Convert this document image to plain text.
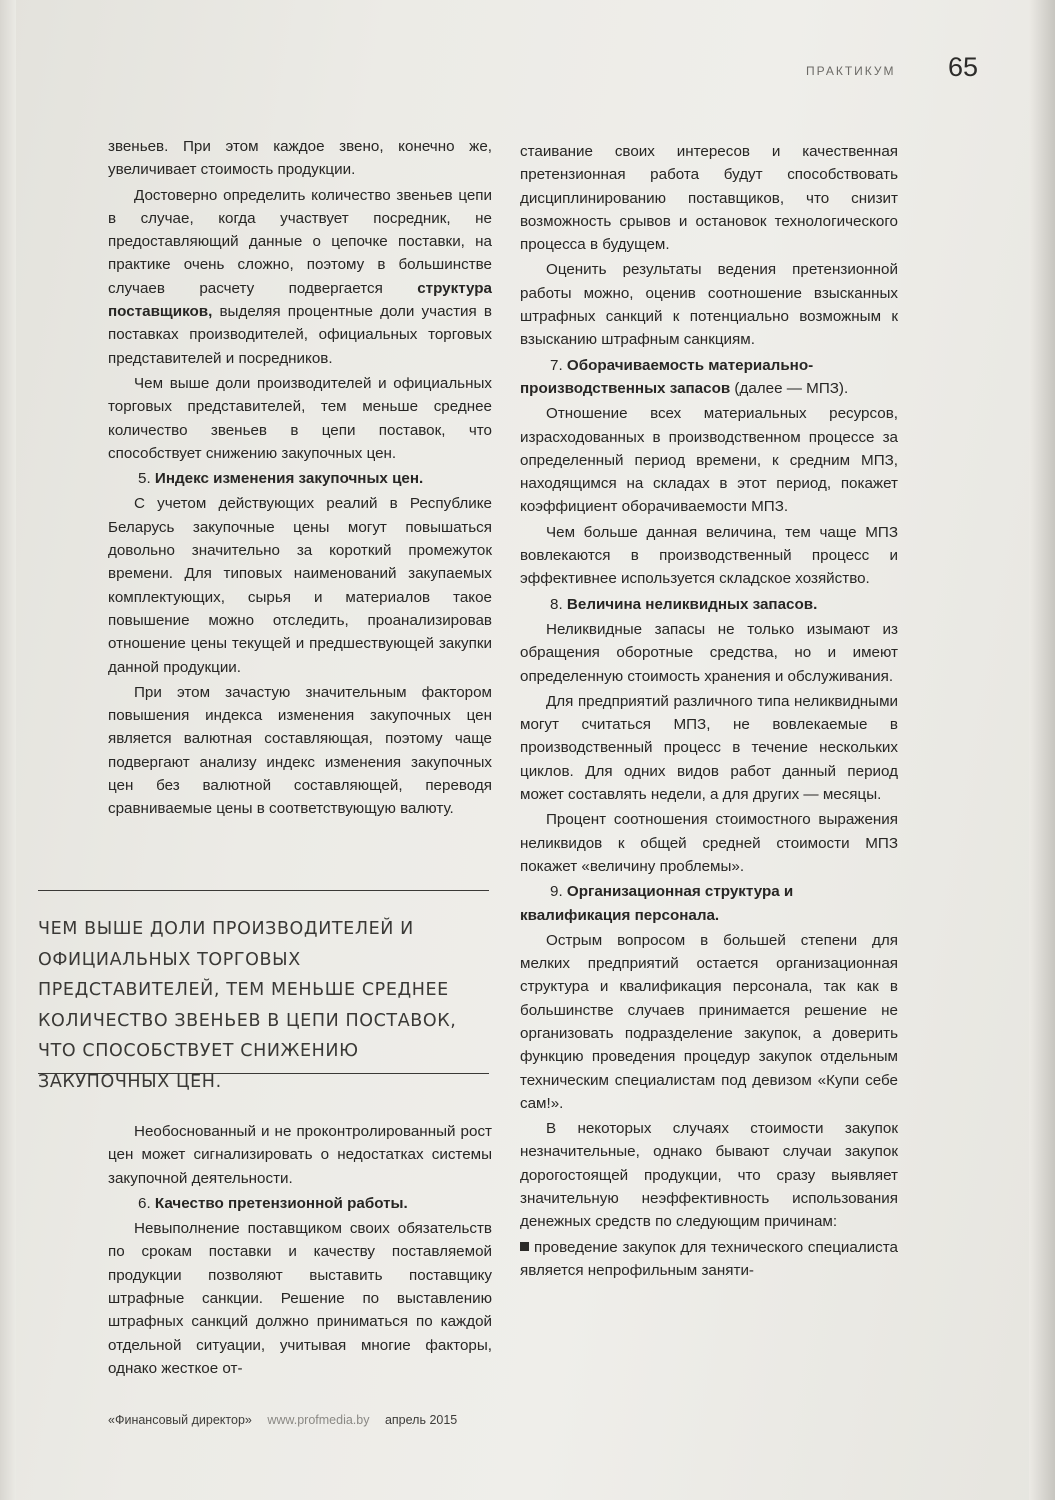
ПРАКТИКУМ 65

звеньев. При этом каждое звено, конечно же, увеличивает стоимость продукции.

Достоверно определить количество звеньев цепи в случае, когда участвует посредник, не предоставляющий данные о цепочке поставки, на практике очень сложно, поэтому в большинстве случаев расчету подвергается структура поставщиков, выделяя процентные доли участия в поставках производителей, официальных торговых представителей и посредников.

Чем выше доли производителей и официальных торговых представителей, тем меньше среднее количество звеньев в цепи поставок, что способствует снижению закупочных цен.

5. Индекс изменения закупочных цен.

С учетом действующих реалий в Республике Беларусь закупочные цены могут повышаться довольно значительно за короткий промежуток времени. Для типовых наименований закупаемых комплектующих, сырья и материалов такое повышение можно отследить, проанализировав отношение цены текущей и предшествующей закупки данной продукции.

При этом зачастую значительным фактором повышения индекса изменения закупочных цен является валютная составляющая, поэтому чаще подвергают анализу индекс изменения закупочных цен без валютной составляющей, переводя сравниваемые цены в соответствующую валюту.

ЧЕМ ВЫШЕ ДОЛИ ПРОИЗВОДИТЕЛЕЙ И ОФИЦИАЛЬНЫХ ТОРГОВЫХ ПРЕДСТАВИТЕЛЕЙ, ТЕМ МЕНЬШЕ СРЕДНЕЕ КОЛИЧЕСТВО ЗВЕНЬЕВ В ЦЕПИ ПОСТАВОК, ЧТО СПОСОБСТВУЕТ СНИЖЕНИЮ ЗАКУПОЧНЫХ ЦЕН.

Необоснованный и не проконтролированный рост цен может сигнализировать о недостатках системы закупочной деятельности.

6. Качество претензионной работы.

Невыполнение поставщиком своих обязательств по срокам поставки и качеству поставляемой продукции позволяют выставить поставщику штрафные санкции. Решение по выставлению штрафных санкций должно приниматься по каждой отдельной ситуации, учитывая многие факторы, однако жесткое от-

стаивание своих интересов и качественная претензионная работа будут способствовать дисциплинированию поставщиков, что снизит возможность срывов и остановок технологического процесса в будущем.

Оценить результаты ведения претензионной работы можно, оценив соотношение взысканных штрафных санкций к потенциально возможным к взысканию штрафным санкциям.

7. Оборачиваемость материально-производственных запасов (далее — МПЗ).

Отношение всех материальных ресурсов, израсходованных в производственном процессе за определенный период времени, к средним МПЗ, находящимся на складах в этот период, покажет коэффициент оборачиваемости МПЗ.

Чем больше данная величина, тем чаще МПЗ вовлекаются в производственный процесс и эффективнее используется складское хозяйство.

8. Величина неликвидных запасов.

Неликвидные запасы не только изымают из обращения оборотные средства, но и имеют определенную стоимость хранения и обслуживания.

Для предприятий различного типа неликвидными могут считаться МПЗ, не вовлекаемые в производственный процесс в течение нескольких циклов. Для одних видов работ данный период может составлять недели, а для других — месяцы.

Процент соотношения стоимостного выражения неликвидов к общей средней стоимости МПЗ покажет «величину проблемы».

9. Организационная структура и квалификация персонала.

Острым вопросом в большей степени для мелких предприятий остается организационная структура и квалификация персонала, так как в большинстве случаев принимается решение не организовать подразделение закупок, а доверить функцию проведения процедур закупок отдельным техническим специалистам под девизом «Купи себе сам!».

В некоторых случаях стоимости закупок незначительные, однако бывают случаи закупок дорогостоящей продукции, что сразу выявляет значительную неэффективность использования денежных средств по следующим причинам:

проведение закупок для технического специалиста является непрофильным заняти-

«Финансовый директор» www.profmedia.by апрель 2015
